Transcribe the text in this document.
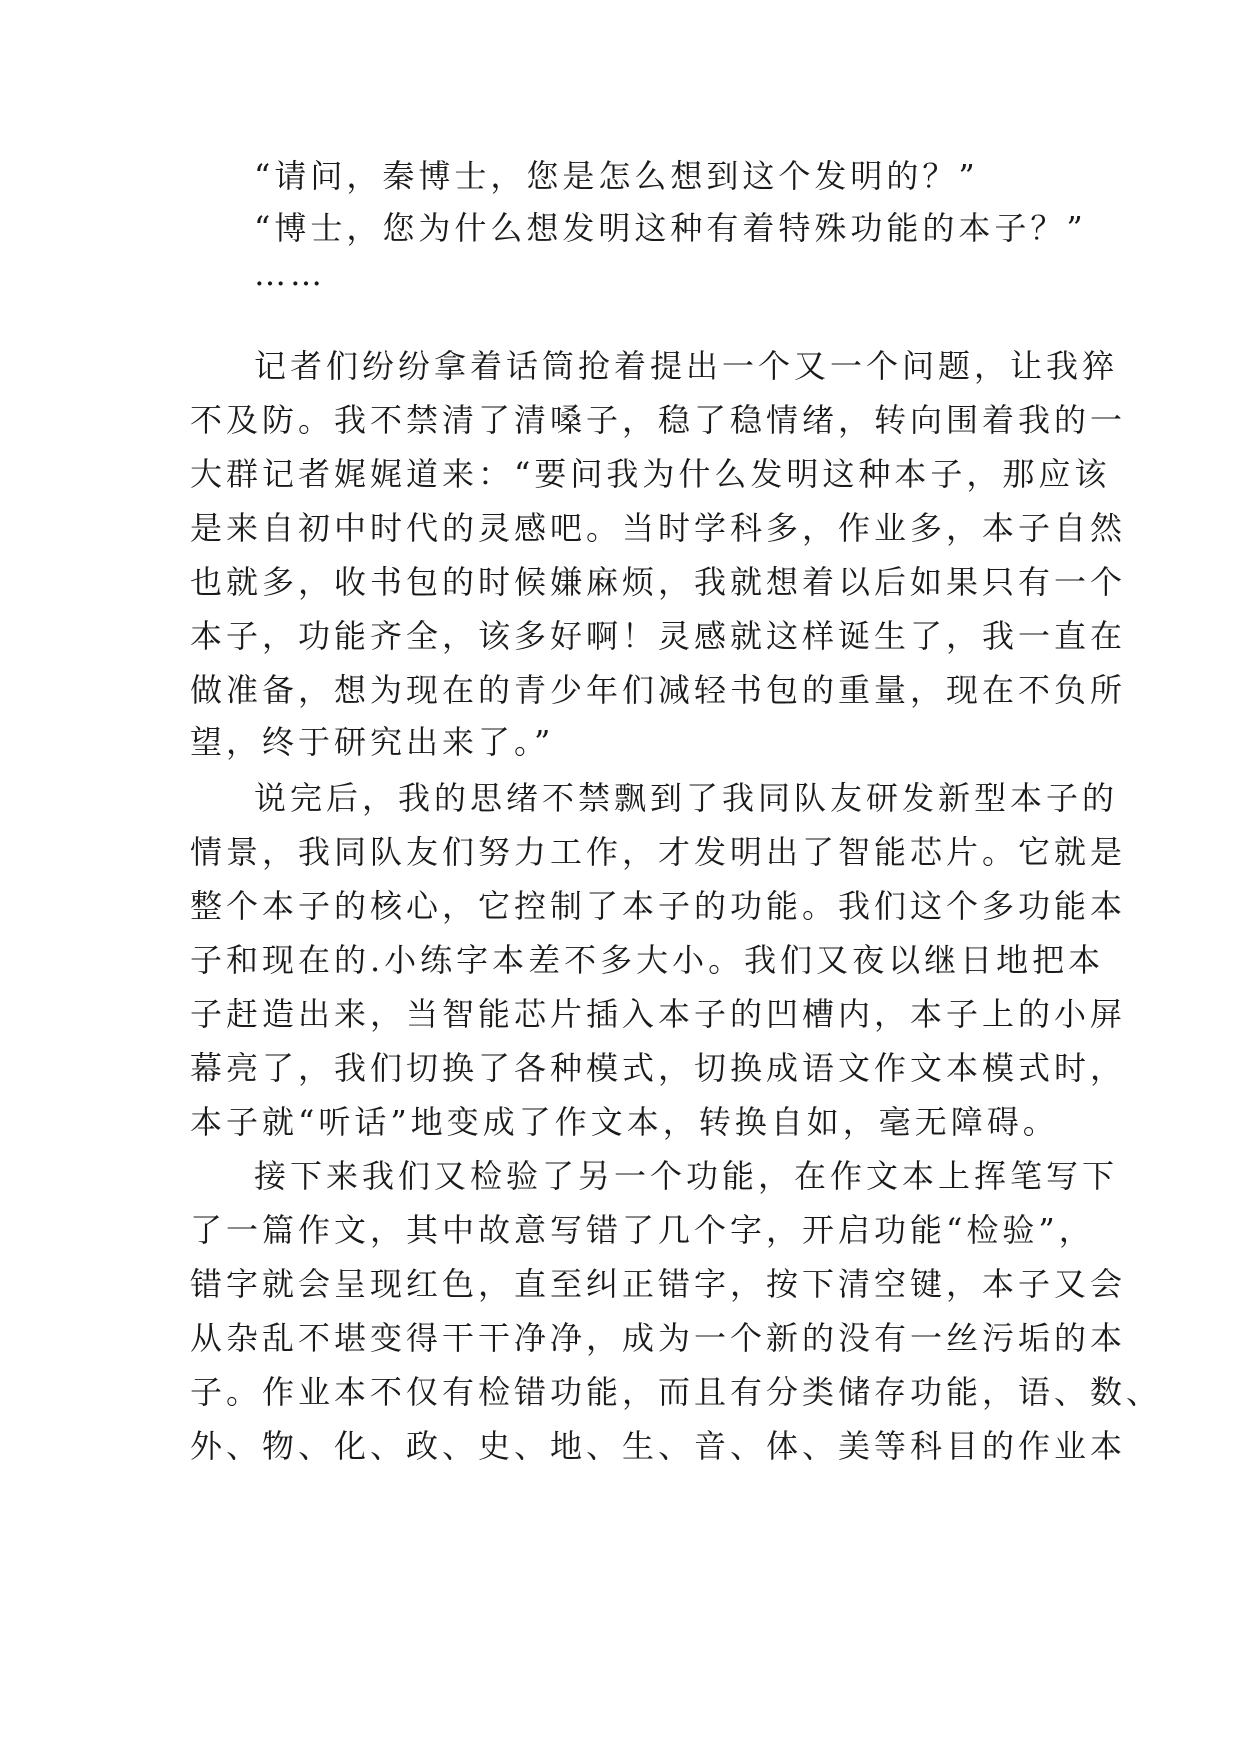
“请问，秦博士，您是怎么想到这个发明的？”
“博士，您为什么想发明这种有着特殊功能的本子？”
……
记者们纷纷拿着话筒抢着提出一个又一个问题，让我猝
不及防。我不禁清了清嗓子，稳了稳情绪，转向围着我的一
大群记者娓娓道来：“要问我为什么发明这种本子，那应该
是来自初中时代的灵感吧。当时学科多，作业多，本子自然
也就多，收书包的时候嫌麻烦，我就想着以后如果只有一个
本子，功能齐全，该多好啊！灵感就这样诞生了，我一直在
做准备，想为现在的青少年们减轻书包的重量，现在不负所
望，终于研究出来了。”
说完后，我的思绪不禁飘到了我同队友研发新型本子的
情景，我同队友们努力工作，才发明出了智能芯片。它就是
整个本子的核心，它控制了本子的功能。我们这个多功能本
子和现在的.小练字本差不多大小。我们又夜以继日地把本
子赶造出来，当智能芯片插入本子的凹槽内，本子上的小屏
幕亮了，我们切换了各种模式，切换成语文作文本模式时，
本子就“听话”地变成了作文本，转换自如，毫无障碍。
接下来我们又检验了另一个功能，在作文本上挥笔写下
了一篇作文，其中故意写错了几个字，开启功能“检验”，
错字就会呈现红色，直至纠正错字，按下清空键，本子又会
从杂乱不堪变得干干净净，成为一个新的没有一丝污垢的本
子。作业本不仅有检错功能，而且有分类储存功能，语、数、
外、物、化、政、史、地、生、音、体、美等科目的作业本
